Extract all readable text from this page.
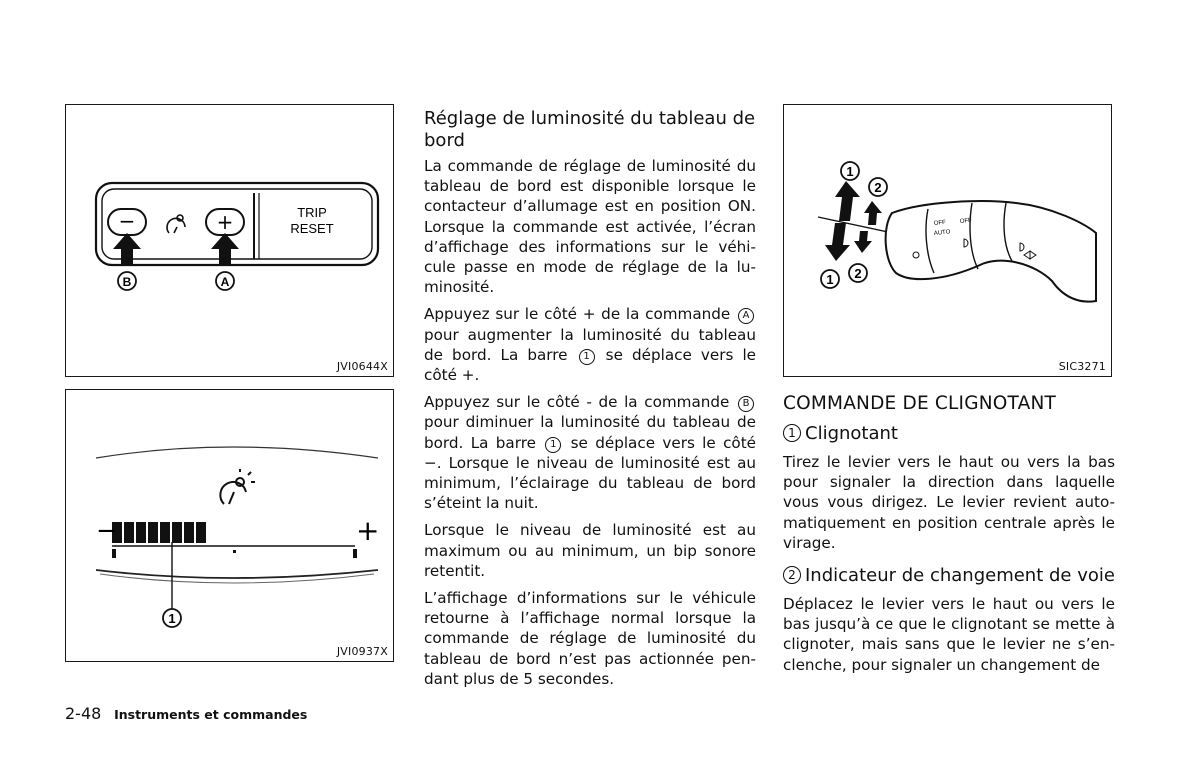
−	+	TRIP
RESET
B	A
JVI0644X
−	+
1
JVI0937X
Réglage de luminosité du tableau de bord

La commande de réglage de luminosité du tableau de bord est disponible lorsque le contacteur d’allumage est en position ON. Lorsque la commande est activée, l’écran d’affichage des informations sur le véhi-cule passe en mode de réglage de la lu-minosité.

Appuyez sur le côté + de la commande A pour augmenter la luminosité du tableau de bord. La barre 1 se déplace vers le côté +.

Appuyez sur le côté - de la commande B pour diminuer la luminosité du tableau de bord. La barre 1 se déplace vers le côté −. Lorsque le niveau de luminosité est au minimum, l’éclairage du tableau de bord s’éteint la nuit.

Lorsque le niveau de luminosité est au maximum ou au minimum, un bip sonore retentit.

L’affichage d’informations sur le véhicule retourne à l’affichage normal lorsque la commande de réglage de luminosité du tableau de bord n’est pas actionnée pen-dant plus de 5 secondes.

1
2
1 2
OFF
AUTO
OFF
SIC3271
COMMANDE DE CLIGNOTANT
1 Clignotant

Tirez le levier vers le haut ou vers la bas pour signaler la direction dans laquelle vous vous dirigez. Le levier revient auto-matiquement en position centrale après le virage.

2 Indicateur de changement de voie

Déplacez le levier vers le haut ou vers le bas jusqu’à ce que le clignotant se mette à clignoter, mais sans que le levier ne s’en-clenche, pour signaler un changement de

2-48 Instruments et commandes
